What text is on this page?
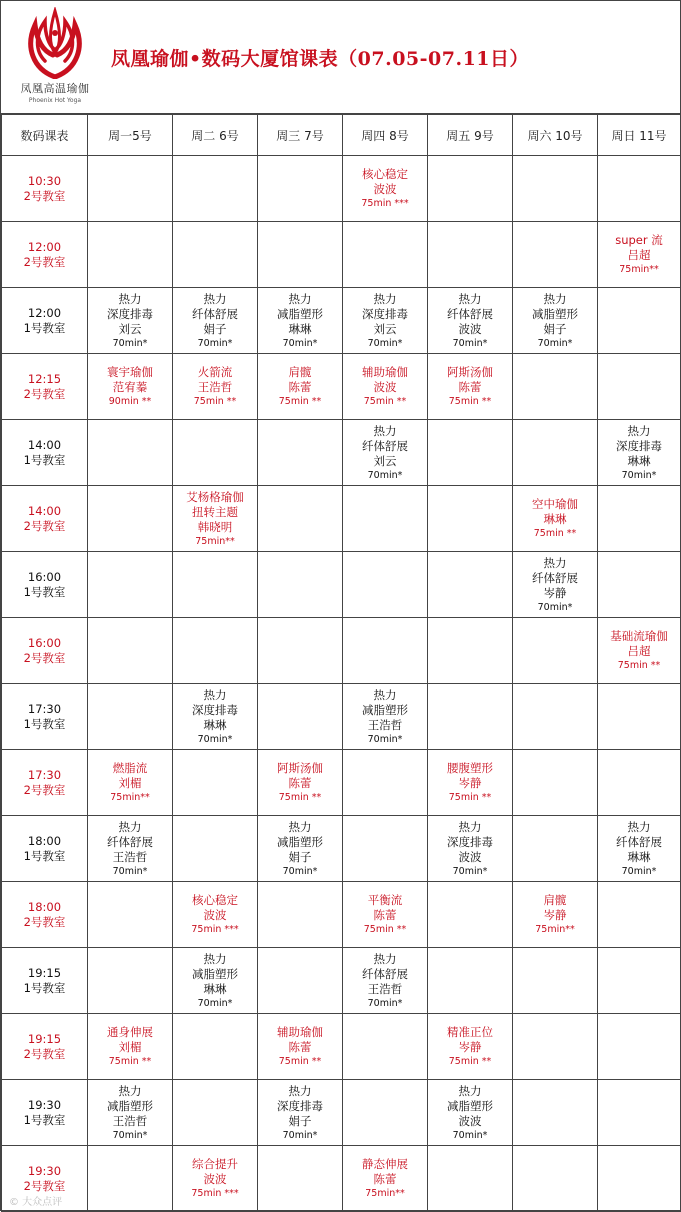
凤凰高温瑜伽
Phoenix Hot Yoga
凤凰瑜伽•数码大厦馆课表（07.05-07.11日）
数码课表	周一5号	周二 6号	周三 7号	周四 8号	周五 9号	周六 10号	周日 11号

10:30
2号教室				核心稳定
波波
75min ***			

12:00
2号教室							super 流
吕超
75min**

12:00
1号教室	热力
深度排毒
刘云
70min*	热力
纤体舒展
娟子
70min*	热力
减脂塑形
琳琳
70min*	热力
深度排毒
刘云
70min*	热力
纤体舒展
波波
70min*	热力
减脂塑形
娟子
70min*	

12:15
2号教室	寰宇瑜伽
范宥蓁
90min **	火箭流
王浩哲
75min **	肩髋
陈蕾
75min **	辅助瑜伽
波波
75min **	阿斯汤伽
陈蕾
75min **		

14:00
1号教室				热力
纤体舒展
刘云
70min*			热力
深度排毒
琳琳
70min*

14:00
2号教室		艾杨格瑜伽
扭转主题
韩晓明
75min**				空中瑜伽
琳琳
75min **	

16:00
1号教室						热力
纤体舒展
岑静
70min*	

16:00
2号教室							基础流瑜伽
吕超
75min **

17:30
1号教室		热力
深度排毒
琳琳
70min*		热力
减脂塑形
王浩哲
70min*			

17:30
2号教室	燃脂流
刘楣
75min**		阿斯汤伽
陈蕾
75min **		腰腹塑形
岑静
75min **		

18:00
1号教室	热力
纤体舒展
王浩哲
70min*		热力
减脂塑形
娟子
70min*		热力
深度排毒
波波
70min*		热力
纤体舒展
琳琳
70min*

18:00
2号教室		核心稳定
波波
75min ***		平衡流
陈蕾
75min **		肩髋
岑静
75min**	

19:15
1号教室		热力
减脂塑形
琳琳
70min*		热力
纤体舒展
王浩哲
70min*			

19:15
2号教室	通身伸展
刘楣
75min **		辅助瑜伽
陈蕾
75min **		精准正位
岑静
75min **		

19:30
1号教室	热力
减脂塑形
王浩哲
70min*		热力
深度排毒
娟子
70min*		热力
减脂塑形
波波
70min*		

19:30
2号教室		综合提升
波波
75min ***		静态伸展
陈蕾
75min**			

© 大众点评
